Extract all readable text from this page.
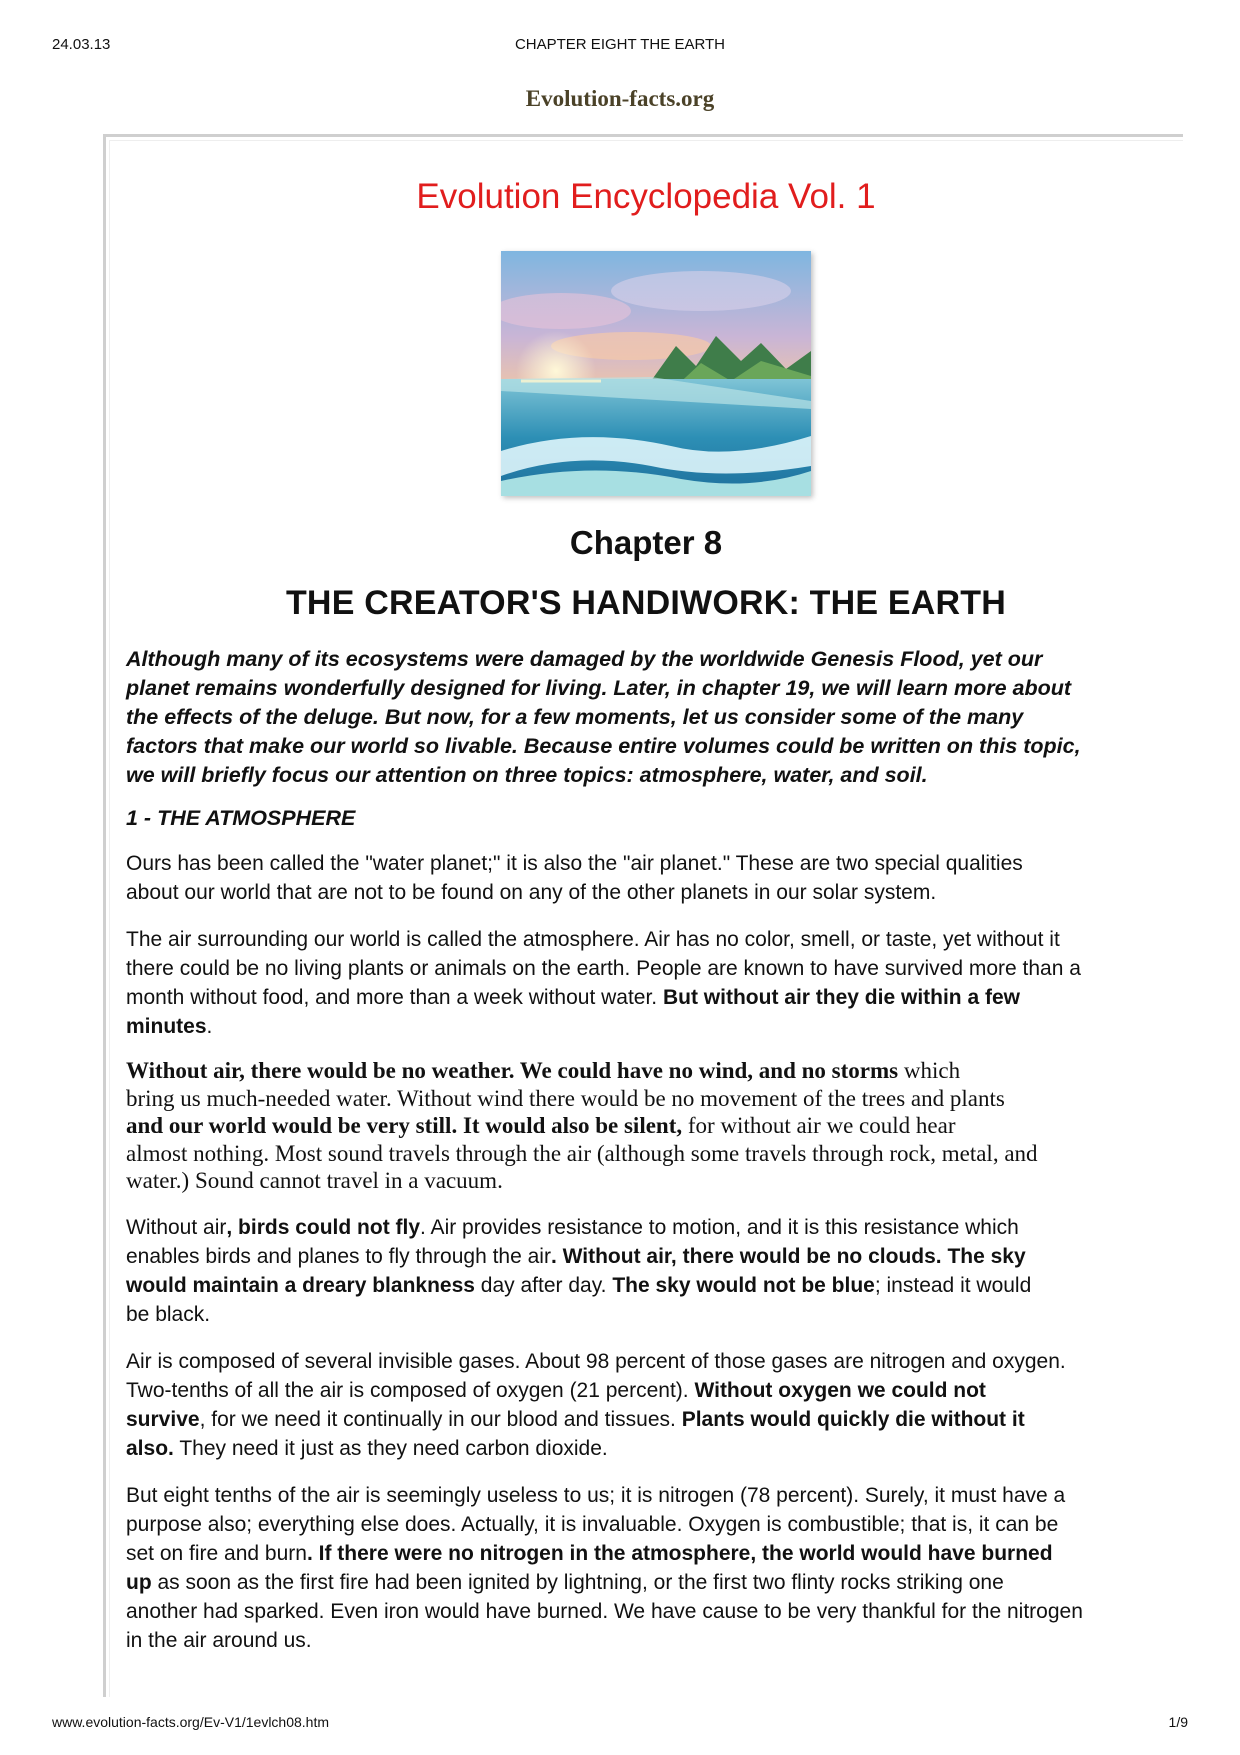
24.03.13	CHAPTER EIGHT THE EARTH
Evolution-facts.org
Evolution Encyclopedia Vol. 1
Chapter 8
THE CREATOR'S HANDIWORK: THE EARTH
Although many of its ecosystems were damaged by the worldwide Genesis Flood, yet our
planet remains wonderfully designed for living. Later, in chapter 19, we will learn more about
the effects of the deluge. But now, for a few moments, let us consider some of the many
factors that make our world so livable. Because entire volumes could be written on this topic,
we will briefly focus our attention on three topics: atmosphere, water, and soil.
1 - THE ATMOSPHERE

Ours has been called the "water planet;" it is also the "air planet." These are two special qualities
about our world that are not to be found on any of the other planets in our solar system.

The air surrounding our world is called the atmosphere. Air has no color, smell, or taste, yet without it
there could be no living plants or animals on the earth. People are known to have survived more than a
month without food, and more than a week without water. But without air they die within a few
minutes.

Without air, there would be no weather. We could have no wind, and no storms which
bring us much-needed water. Without wind there would be no movement of the trees and plants
and our world would be very still. It would also be silent, for without air we could hear
almost nothing. Most sound travels through the air (although some travels through rock, metal, and
water.) Sound cannot travel in a vacuum.

Without air, birds could not fly. Air provides resistance to motion, and it is this resistance which
enables birds and planes to fly through the air. Without air, there would be no clouds. The sky
would maintain a dreary blankness day after day. The sky would not be blue; instead it would
be black.

Air is composed of several invisible gases. About 98 percent of those gases are nitrogen and oxygen.
Two-tenths of all the air is composed of oxygen (21 percent). Without oxygen we could not
survive, for we need it continually in our blood and tissues. Plants would quickly die without it
also. They need it just as they need carbon dioxide.

But eight tenths of the air is seemingly useless to us; it is nitrogen (78 percent). Surely, it must have a
purpose also; everything else does. Actually, it is invaluable. Oxygen is combustible; that is, it can be
set on fire and burn. If there were no nitrogen in the atmosphere, the world would have burned
up as soon as the first fire had been ignited by lightning, or the first two flinty rocks striking one
another had sparked. Even iron would have burned. We have cause to be very thankful for the nitrogen
in the air around us.

www.evolution-facts.org/Ev-V1/1evlch08.htm	1/9
